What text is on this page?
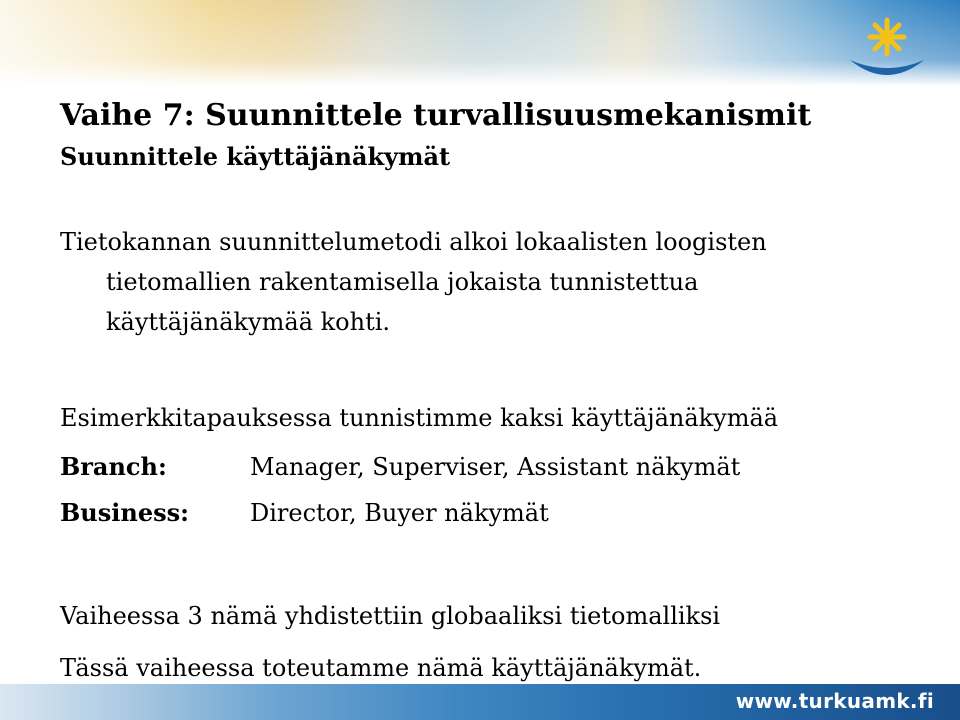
Vaihe 7: Suunnittele turvallisuusmekanismit
Suunnittele käyttäjänäkymät

Tietokannan suunnittelumetodi alkoi lokaalisten loogisten
tietomallien rakentamisella jokaista tunnistettua
käyttäjänäkymää kohti.

Esimerkkitapauksessa tunnistimme kaksi käyttäjänäkymää

Branch:	Manager, Superviser, Assistant näkymät

Business:	Director, Buyer näkymät

Vaiheessa 3 nämä yhdistettiin globaaliksi tietomalliksi
Tässä vaiheessa toteutamme nämä käyttäjänäkymät.

www.turkuamk.fi
